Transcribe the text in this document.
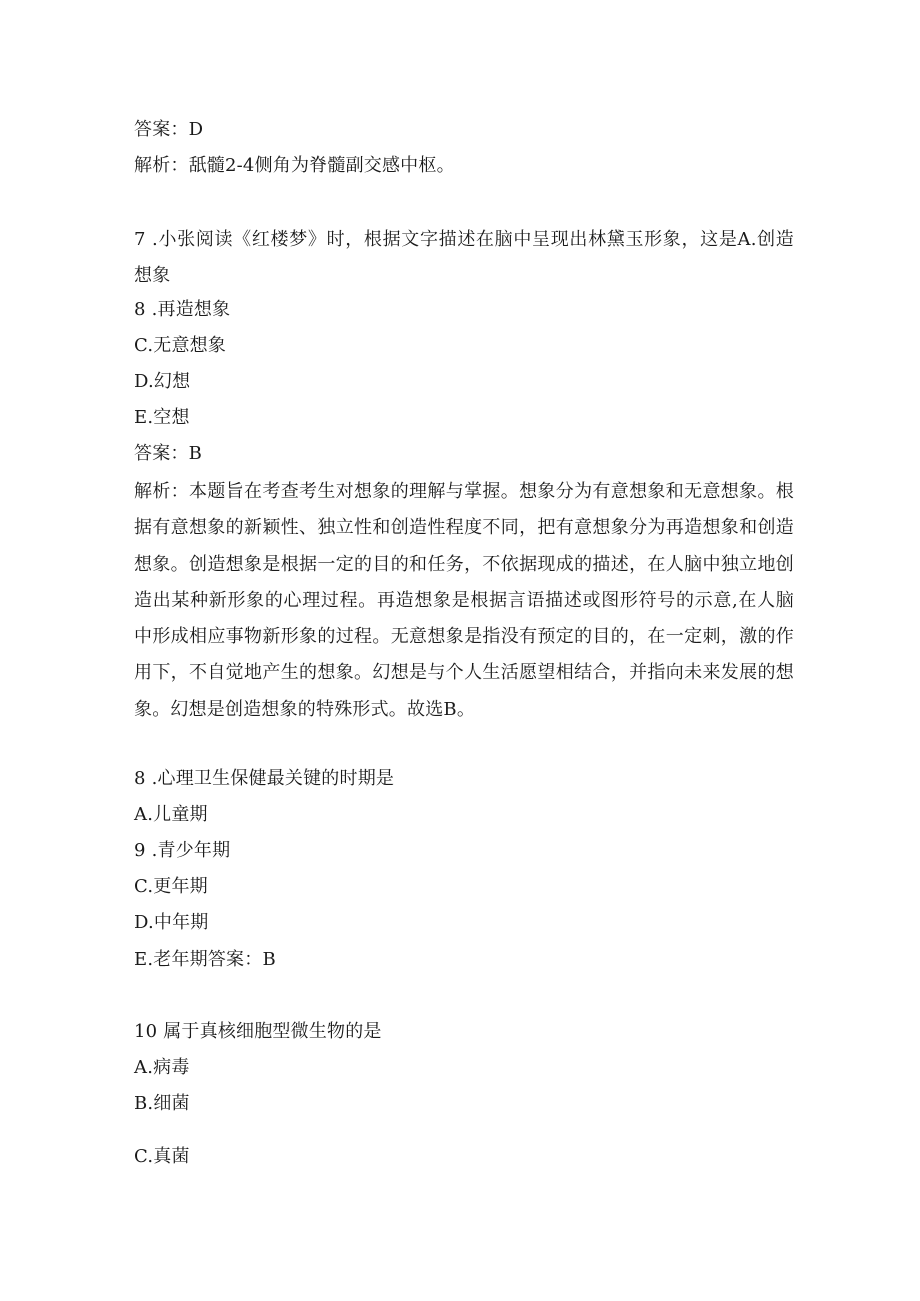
答案：D
解析：舐髓2-4侧角为脊髓副交感中枢。
7 .小张阅读《红楼梦》时，根据文字描述在脑中呈现出林黛玉形象，这是A.创造想象
8 .再造想象
C.无意想象
D.幻想
E.空想
答案：B
解析：本题旨在考查考生对想象的理解与掌握。想象分为有意想象和无意想象。根据有意想象的新颖性、独立性和创造性程度不同，把有意想象分为再造想象和创造想象。创造想象是根据一定的目的和任务，不依据现成的描述，在人脑中独立地创造出某种新形象的心理过程。再造想象是根据言语描述或图形符号的示意,在人脑中形成相应事物新形象的过程。无意想象是指没有预定的目的，在一定刺，激的作用下，不自觉地产生的想象。幻想是与个人生活愿望相结合，并指向未来发展的想象。幻想是创造想象的特殊形式。故选B。
8 .心理卫生保健最关键的时期是
A.儿童期
9 .青少年期
C.更年期
D.中年期
E.老年期答案：B
10 属于真核细胞型微生物的是
A.病毒
B.细菌
C.真菌
